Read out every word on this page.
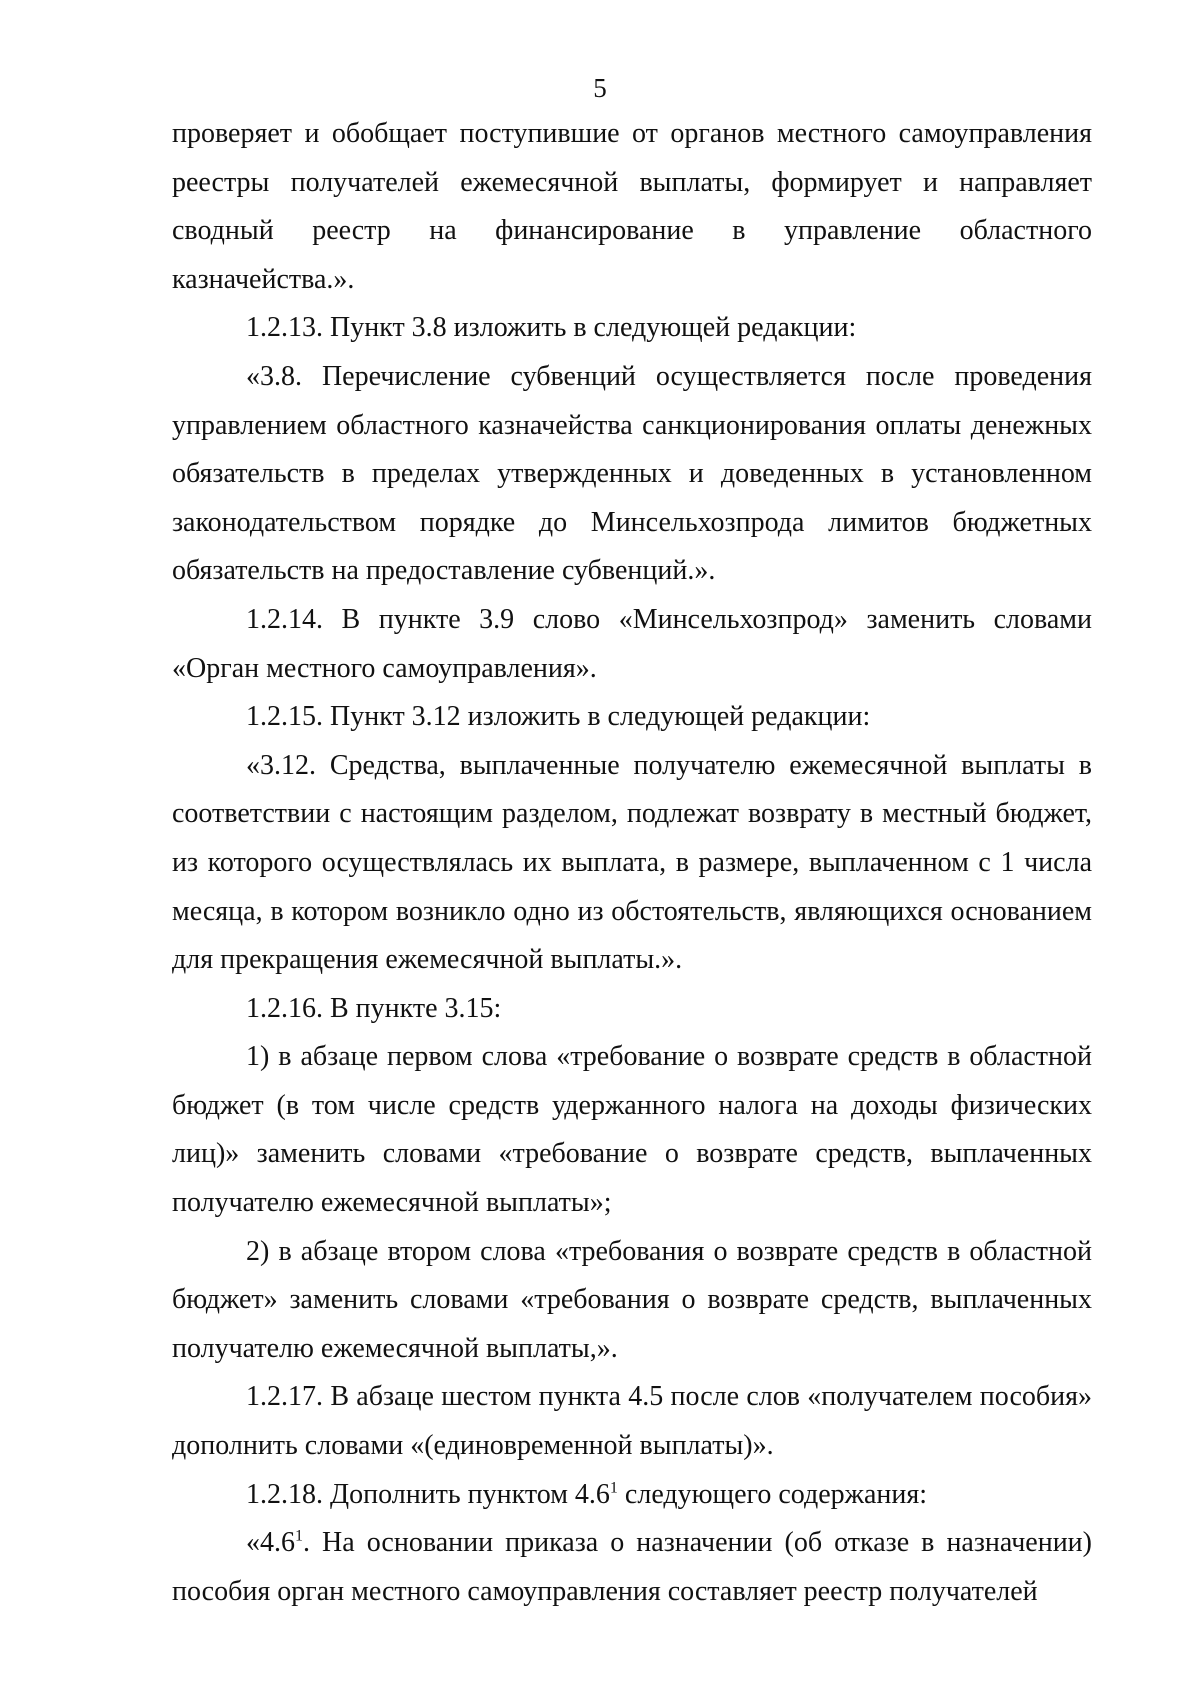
5

проверяет и обобщает поступившие от органов местного самоуправления реестры получателей ежемесячной выплаты, формирует и направляет сводный реестр на финансирование в управление областного казначейства.».

1.2.13. Пункт 3.8 изложить в следующей редакции:

«3.8. Перечисление субвенций осуществляется после проведения управлением областного казначейства санкционирования оплаты денежных обязательств в пределах утвержденных и доведенных в установленном законодательством порядке до Минсельхозпрода лимитов бюджетных обязательств на предоставление субвенций.».

1.2.14. В пункте 3.9 слово «Минсельхозпрод» заменить словами «Орган местного самоуправления».

1.2.15. Пункт 3.12 изложить в следующей редакции:

«3.12. Средства, выплаченные получателю ежемесячной выплаты в соответствии с настоящим разделом, подлежат возврату в местный бюджет, из которого осуществлялась их выплата, в размере, выплаченном с 1 числа месяца, в котором возникло одно из обстоятельств, являющихся основанием для прекращения ежемесячной выплаты.».

1.2.16. В пункте 3.15:

1) в абзаце первом слова «требование о возврате средств в областной бюджет (в том числе средств удержанного налога на доходы физических лиц)» заменить словами «требование о возврате средств, выплаченных получателю ежемесячной выплаты»;

2) в абзаце втором слова «требования о возврате средств в областной бюджет» заменить словами «требования о возврате средств, выплаченных получателю ежемесячной выплаты,».

1.2.17. В абзаце шестом пункта 4.5 после слов «получателем пособия» дополнить словами «(единовременной выплаты)».

1.2.18. Дополнить пунктом $4.6^1$ следующего содержания:

«$4.6^1$. На основании приказа о назначении (об отказе в назначении) пособия орган местного самоуправления составляет реестр получателей
